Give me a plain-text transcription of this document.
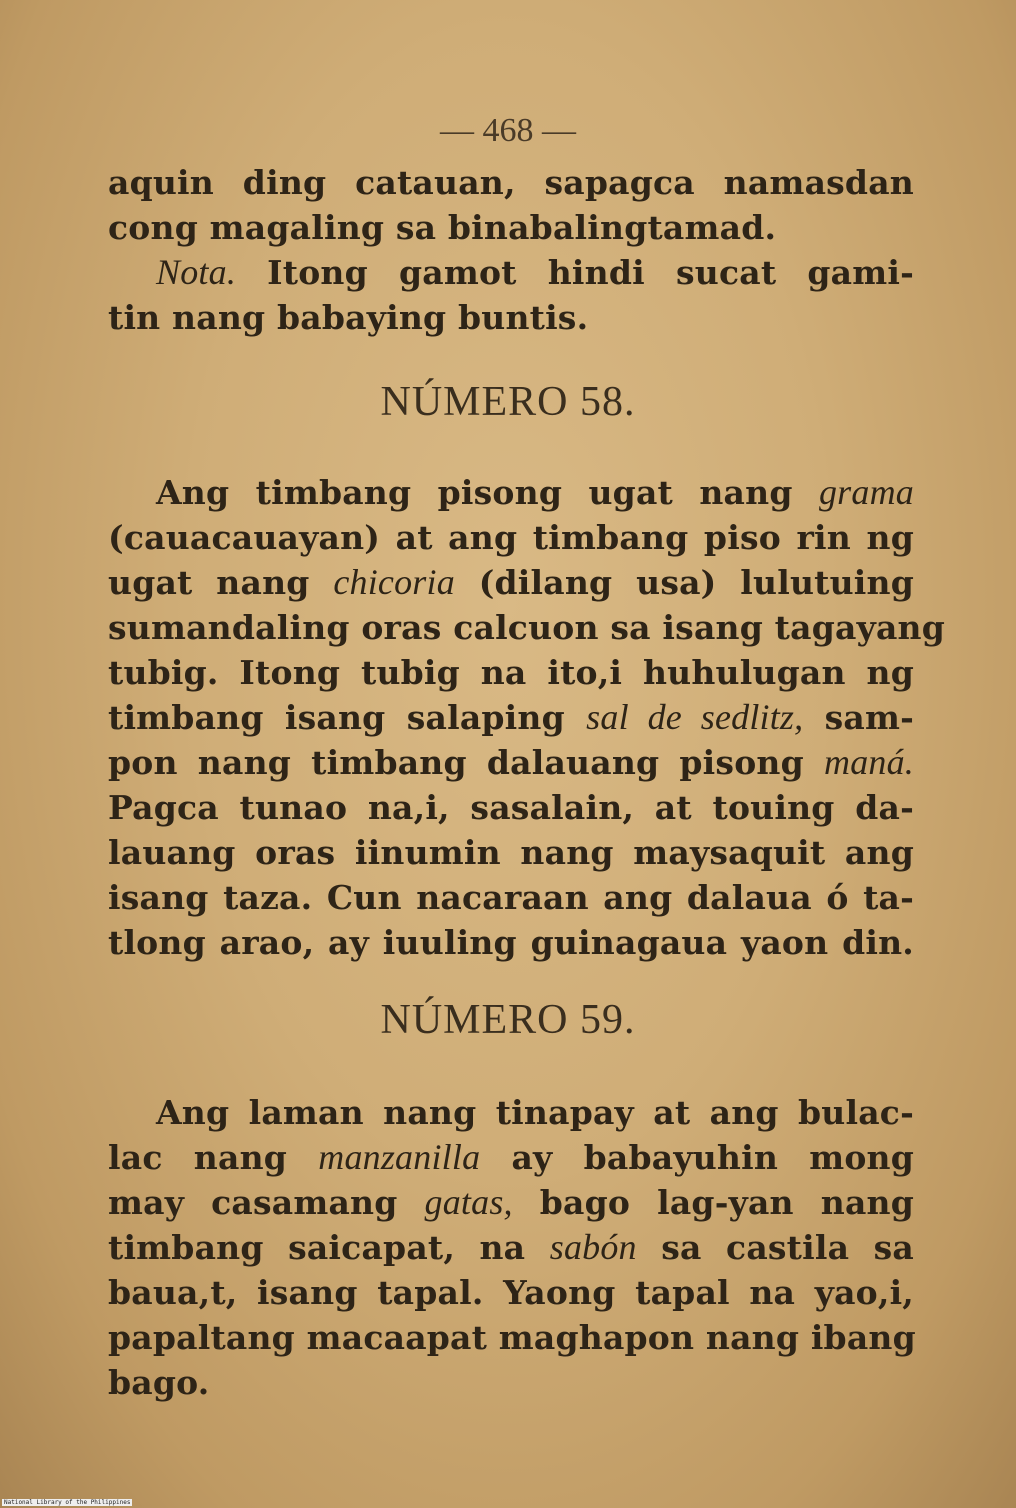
— 468 —
aquin ding catauan, sapagca namasdan
cong magaling sa binabalingtamad.
Nota. Itong gamot hindi sucat gami-
tin nang babaying buntis.
NÚMERO 58.
Ang timbang pisong ugat nang grama
(cauacauayan) at ang timbang piso rin ng
ugat nang chicoria (dilang usa) lulutuing
sumandaling oras calcuon sa isang tagayang
tubig. Itong tubig na ito,i huhulugan ng
timbang isang salaping sal de sedlitz, sam-
pon nang timbang dalauang pisong maná.
Pagca tunao na,i, sasalain, at touing da-
lauang oras iinumin nang maysaquit ang
isang taza. Cun nacaraan ang dalaua ó ta-
tlong arao, ay iuuling guinagaua yaon din.
NÚMERO 59.
Ang laman nang tinapay at ang bulac-
lac nang manzanilla ay babayuhin mong
may casamang gatas, bago lag-yan nang
timbang saicapat, na sabón sa castila sa
baua,t, isang tapal. Yaong tapal na yao,i,
papaltang macaapat maghapon nang ibang
bago.
National Library of the Philippines
